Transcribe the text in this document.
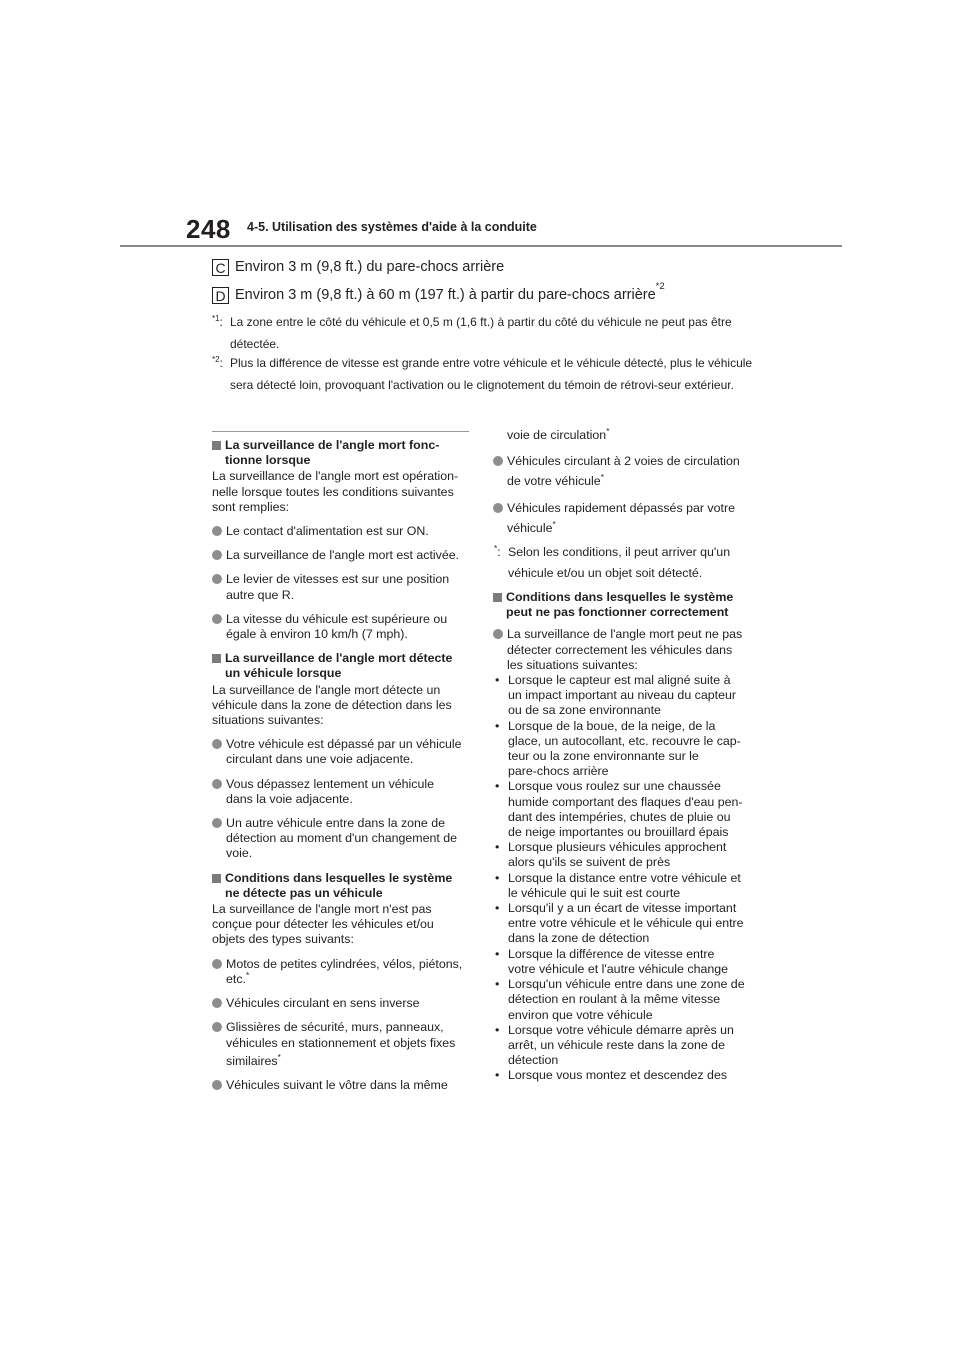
248 4-5. Utilisation des systèmes d'aide à la conduite
C Environ 3 m (9,8 ft.) du pare-chocs arrière
D Environ 3 m (9,8 ft.) à 60 m (197 ft.) à partir du pare-chocs arrière
*2
$^{*1}$: La zone entre le côté du véhicule et 0,5 m (1,6 ft.) à partir du côté du véhicule ne peut pas être détectée.
$^{*2}$: Plus la différence de vitesse est grande entre votre véhicule et le véhicule détecté, plus le véhicule sera détecté loin, provoquant l'activation ou le clignotement du témoin de rétrovi-seur extérieur.
La surveillance de l'angle mort fonc-
tionne lorsque

La surveillance de l'angle mort est opération-
nelle lorsque toutes les conditions suivantes
sont remplies:

Le contact d'alimentation est sur ON.
La surveillance de l'angle mort est activée.
Le levier de vitesses est sur une position
autre que R.
La vitesse du véhicule est supérieure ou
égale à environ 10 km/h (7 mph).
La surveillance de l'angle mort détecte
un véhicule lorsque

La surveillance de l'angle mort détecte un
véhicule dans la zone de détection dans les
situations suivantes:

Votre véhicule est dépassé par un véhicule
circulant dans une voie adjacente.
Vous dépassez lentement un véhicule
dans la voie adjacente.
Un autre véhicule entre dans la zone de
détection au moment d'un changement de
voie.
Conditions dans lesquelles le système
ne détecte pas un véhicule

La surveillance de l'angle mort n'est pas
conçue pour détecter les véhicules et/ou
objets des types suivants:

Motos de petites cylindrées, vélos, piétons,
etc.*
Véhicules circulant en sens inverse
Glissières de sécurité, murs, panneaux,
véhicules en stationnement et objets fixes
similaires*
Véhicules suivant le vôtre dans la même
voie de circulation*
Véhicules circulant à 2 voies de circulation
de votre véhicule*
Véhicules rapidement dépassés par votre
véhicule*
*: Selon les conditions, il peut arriver qu'un
véhicule et/ou un objet soit détecté.
Conditions dans lesquelles le système
peut ne pas fonctionner correctement
La surveillance de l'angle mort peut ne pas
détecter correctement les véhicules dans
les situations suivantes:
• Lorsque le capteur est mal aligné suite à
un impact important au niveau du capteur
ou de sa zone environnante
• Lorsque de la boue, de la neige, de la
glace, un autocollant, etc. recouvre le cap-
teur ou la zone environnante sur le
pare-chocs arrière
• Lorsque vous roulez sur une chaussée
humide comportant des flaques d'eau pen-
dant des intempéries, chutes de pluie ou
de neige importantes ou brouillard épais
• Lorsque plusieurs véhicules approchent
alors qu'ils se suivent de près
• Lorsque la distance entre votre véhicule et
le véhicule qui le suit est courte
• Lorsqu'il y a un écart de vitesse important
entre votre véhicule et le véhicule qui entre
dans la zone de détection
• Lorsque la différence de vitesse entre
votre véhicule et l'autre véhicule change
• Lorsqu'un véhicule entre dans une zone de
détection en roulant à la même vitesse
environ que votre véhicule
• Lorsque votre véhicule démarre après un
arrêt, un véhicule reste dans la zone de
détection
• Lorsque vous montez et descendez des
